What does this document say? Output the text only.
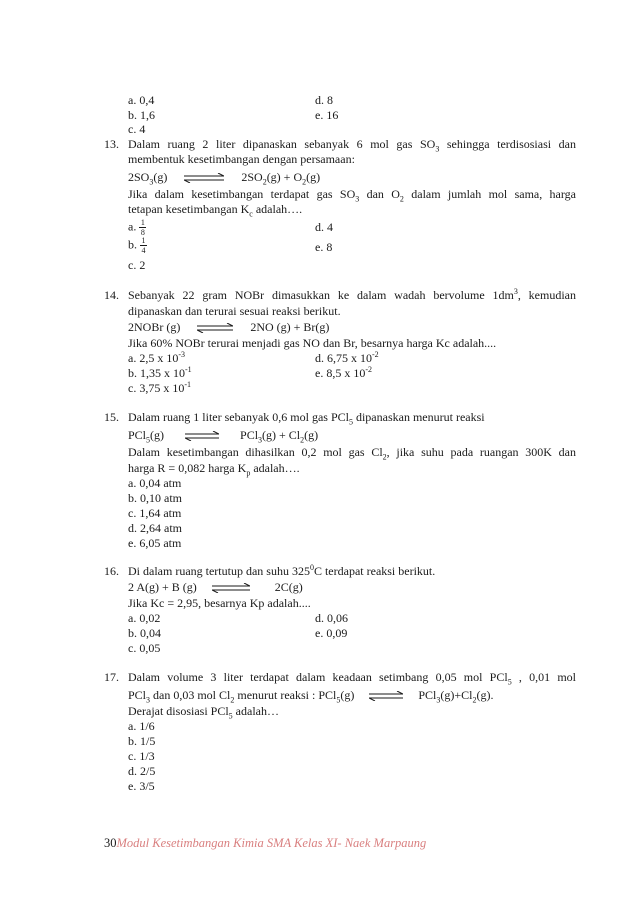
a. 0,4	d. 8
b. 1,6	e. 16
c. 4
13. Dalam ruang 2 liter dipanaskan sebanyak 6 mol gas $SO_3$ sehingga terdisosiasi dan
membentuk kesetimbangan dengan persamaan:
$2SO_3(g)$ ⇌ $2SO_2(g) + O_2(g)$
Jika dalam kesetimbangan terdapat gas $SO_3$ dan $O_2$ dalam jumlah mol sama, harga
tetapan kesetimbangan $K_c$ adalah….
a. $\frac{1}{8}$	d. 4
b. $\frac{1}{4}$	e. 8
c. 2
14. Sebanyak 22 gram NOBr dimasukkan ke dalam wadah bervolume $1dm^3$, kemudian
dipanaskan dan terurai sesuai reaksi berikut.
2NOBr (g) ⇌ 2NO (g) + Br(g)
Jika 60% NOBr terurai menjadi gas NO dan Br, besarnya harga Kc adalah....
a. 2,5 x $10^{-3}$	d. 6,75 x $10^{-2}$
b. 1,35 x $10^{-1}$	e. 8,5 x $10^{-2}$
c. 3,75 x $10^{-1}$
15. Dalam ruang 1 liter sebanyak 0,6 mol gas PCl$_5$ dipanaskan menurut reaksi
PCl$_5$(g)	$PCl_3(g) + Cl_2(g)$
Dalam kesetimbangan dihasilkan 0,2 mol gas $Cl_2$, jika suhu pada ruangan 300K dan
harga R = 0,082 harga $K_p$ adalah….
a. 0,04 atm
b. 0,10 atm
c. 1,64 atm
d. 2,64 atm
e. 6,05 atm
16. Di dalam ruang tertutup dan suhu $325^0C$ terdapat reaksi berikut.
2 A(g) + B (g) ⇌ 2C(g)
Jika Kc = 2,95, besarnya Kp adalah....
a. 0,02	d. 0,06
b. 0,04	e. 0,09
c. 0,05
17. Dalam volume 3 liter terdapat dalam keadaan setimbang 0,05 mol PCl$_5$ , 0,01 mol
PCl$_3$ dan 0,03 mol $Cl_2$ menurut reaksi : PCl$_5$(g) ⇌ $PCl_3(g)+Cl_2(g)$.
Derajat disosiasi PCl$_5$ adalah…
a. 1/6
b. 1/5
c. 1/3
d. 2/5
e. 3/5
30Modul Kesetimbangan Kimia SMA Kelas XI- Naek Marpaung
